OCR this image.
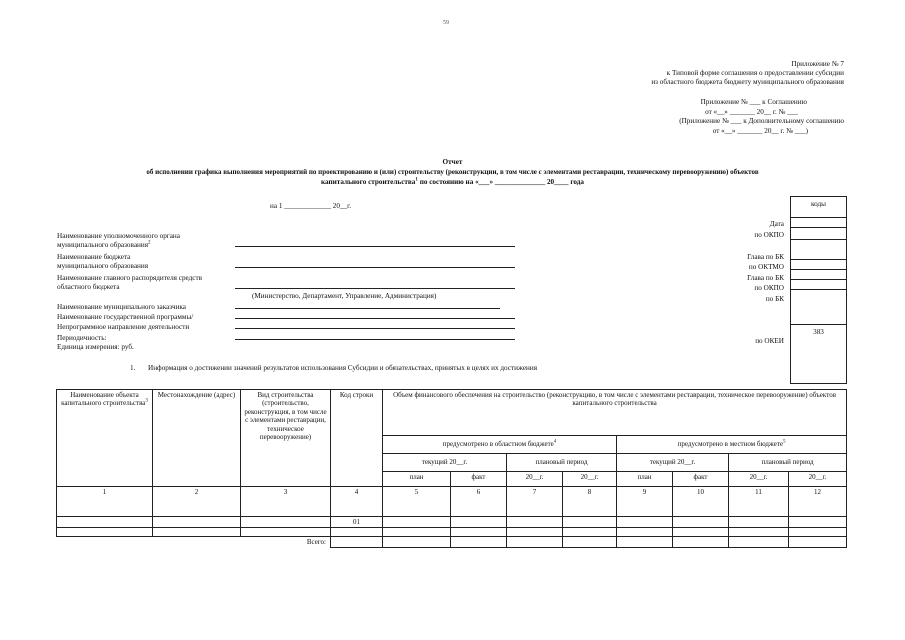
59
Приложение № 7
к Типовой форме соглашения о предоставлении субсидии
из областного бюджета бюджету муниципального образования
Приложение № ___ к Соглашению
от «__» _______ 20__ г. № ___
(Приложение № ___ к Дополнительному соглашению
от «__» _______ 20__ г. № ___)
Отчет
об исполнении графика выполнения мероприятий по проектированию и (или) строительству (реконструкции, в том числе с элементами реставрации, техническому перевооружению) объектов
капитального строительства$^1$ по состоянию на «___» ______________ 20____ года
на 1 _____________ 20__г.
Наименование уполномоченного органа
муниципального образования$^2$
Наименование бюджета
муниципального образования
Наименование главного распорядителя средств
областного бюджета
(Министерство, Департамент, Управление, Администрация)
Наименование муниципального заказчика
Наименование государственной программы/
Непрограммное направление деятельности
Периодичность:
Единица измерения: руб.
Дата
по ОКПО
Глава по БК
по ОКТМО
Глава по БК
по ОКПО
по БК
по ОКЕИ
коды
383
1. Информация о достижении значений результатов использования Субсидии и обязательствах, принятых в целях их достижения
Наименование объекта капитального строительства$^3$	Местонахождение (адрес)	Вид строительства (строительство, реконструкция, в том числе с элементами реставрации, техническое перевооружение)	Код строки	Объем финансового обеспечения на строительство (реконструкцию, в том числе с элементами реставрации, техническое перевооружение) объектов капитального строительства							
				предусмотрено в областном бюджете$^4$				предусмотрено в местном бюджете$^5$
				текущий 20__г.		плановый период		текущий 20__г.		плановый период	
				план	факт	20__г.	20__г.	план	факт	20__г.	20__г.
1	2	3	4	5	6	7	8	9	10	11	12
			01								

		Всего:									
